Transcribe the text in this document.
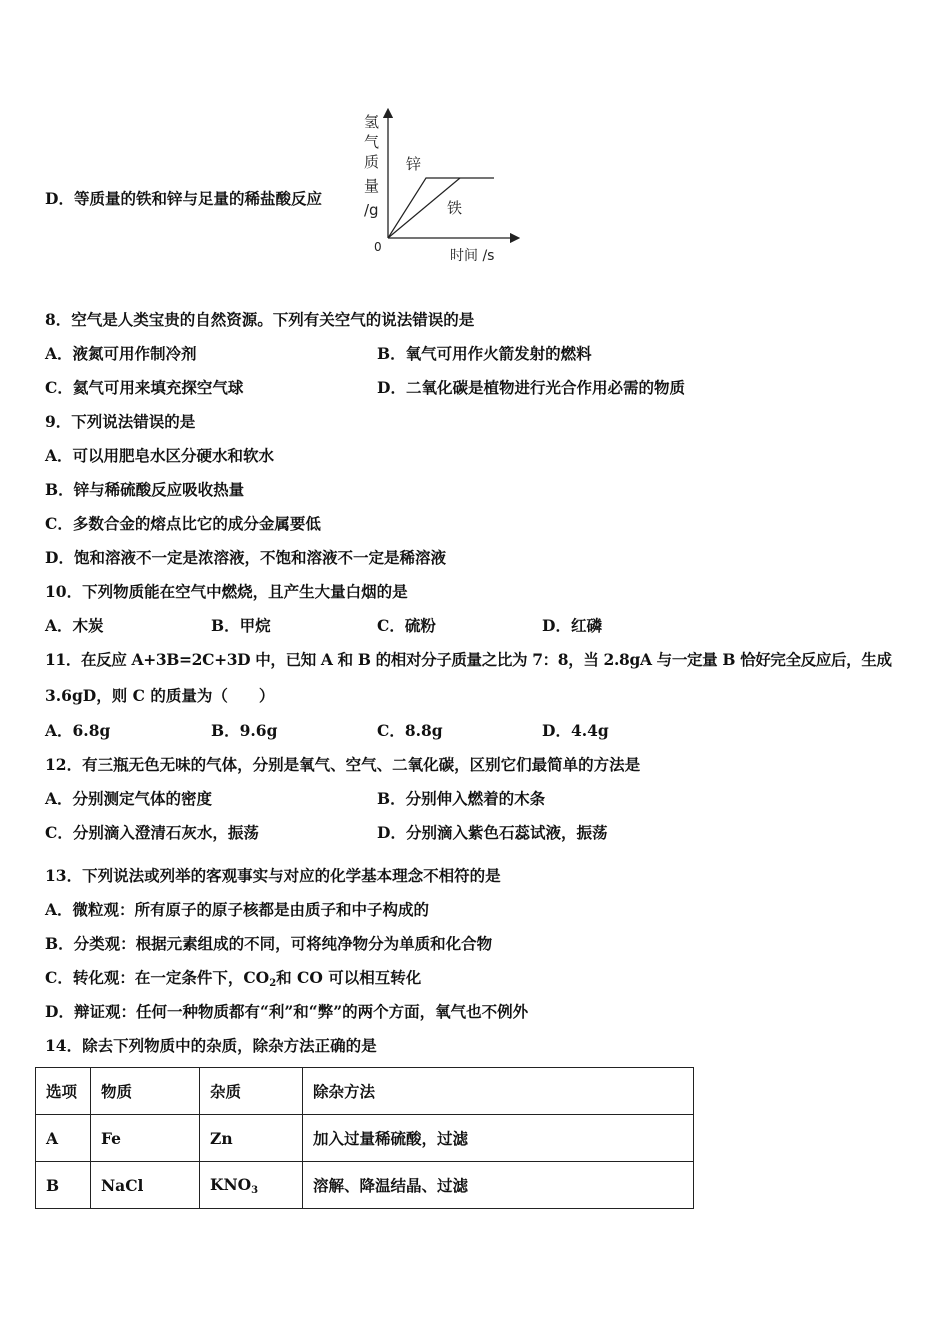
D．等质量的铁和锌与足量的稀盐酸反应
氢
气
质
量
/g
0
时间 /s
锌
铁
8．空气是人类宝贵的自然资源。下列有关空气的说法错误的是
A．液氮可用作制冷剂	B．氧气可用作火箭发射的燃料
C．氦气可用来填充探空气球	D．二氧化碳是植物进行光合作用必需的物质
9．下列说法错误的是
A．可以用肥皂水区分硬水和软水
B．锌与稀硫酸反应吸收热量
C．多数合金的熔点比它的成分金属要低
D．饱和溶液不一定是浓溶液，不饱和溶液不一定是稀溶液
10．下列物质能在空气中燃烧，且产生大量白烟的是
A．木炭	B．甲烷	C．硫粉	D．红磷
11．在反应 A+3B=2C+3D 中，已知 A 和 B 的相对分子质量之比为 7：8，当 2.8gA 与一定量 B 恰好完全反应后，生成
3.6gD，则 C 的质量为（　　）
A．6.8g	B．9.6g	C．8.8g	D．4.4g
12．有三瓶无色无味的气体，分别是氧气、空气、二氧化碳，区别它们最简单的方法是
A．分别测定气体的密度	B．分别伸入燃着的木条
C．分别滴入澄清石灰水，振荡	D．分别滴入紫色石蕊试液，振荡
13．下列说法或列举的客观事实与对应的化学基本理念不相符的是
A．微粒观：所有原子的原子核都是由质子和中子构成的
B．分类观：根据元素组成的不同，可将纯净物分为单质和化合物
C．转化观：在一定条件下，$CO_2$和 CO 可以相互转化
D．辩证观：任何一种物质都有“利”和“弊”的两个方面，氧气也不例外
14．除去下列物质中的杂质，除杂方法正确的是
选项	物质	杂质	除杂方法
A	Fe	Zn	加入过量稀硫酸，过滤
B	NaCl	$KNO_3$	溶解、降温结晶、过滤
